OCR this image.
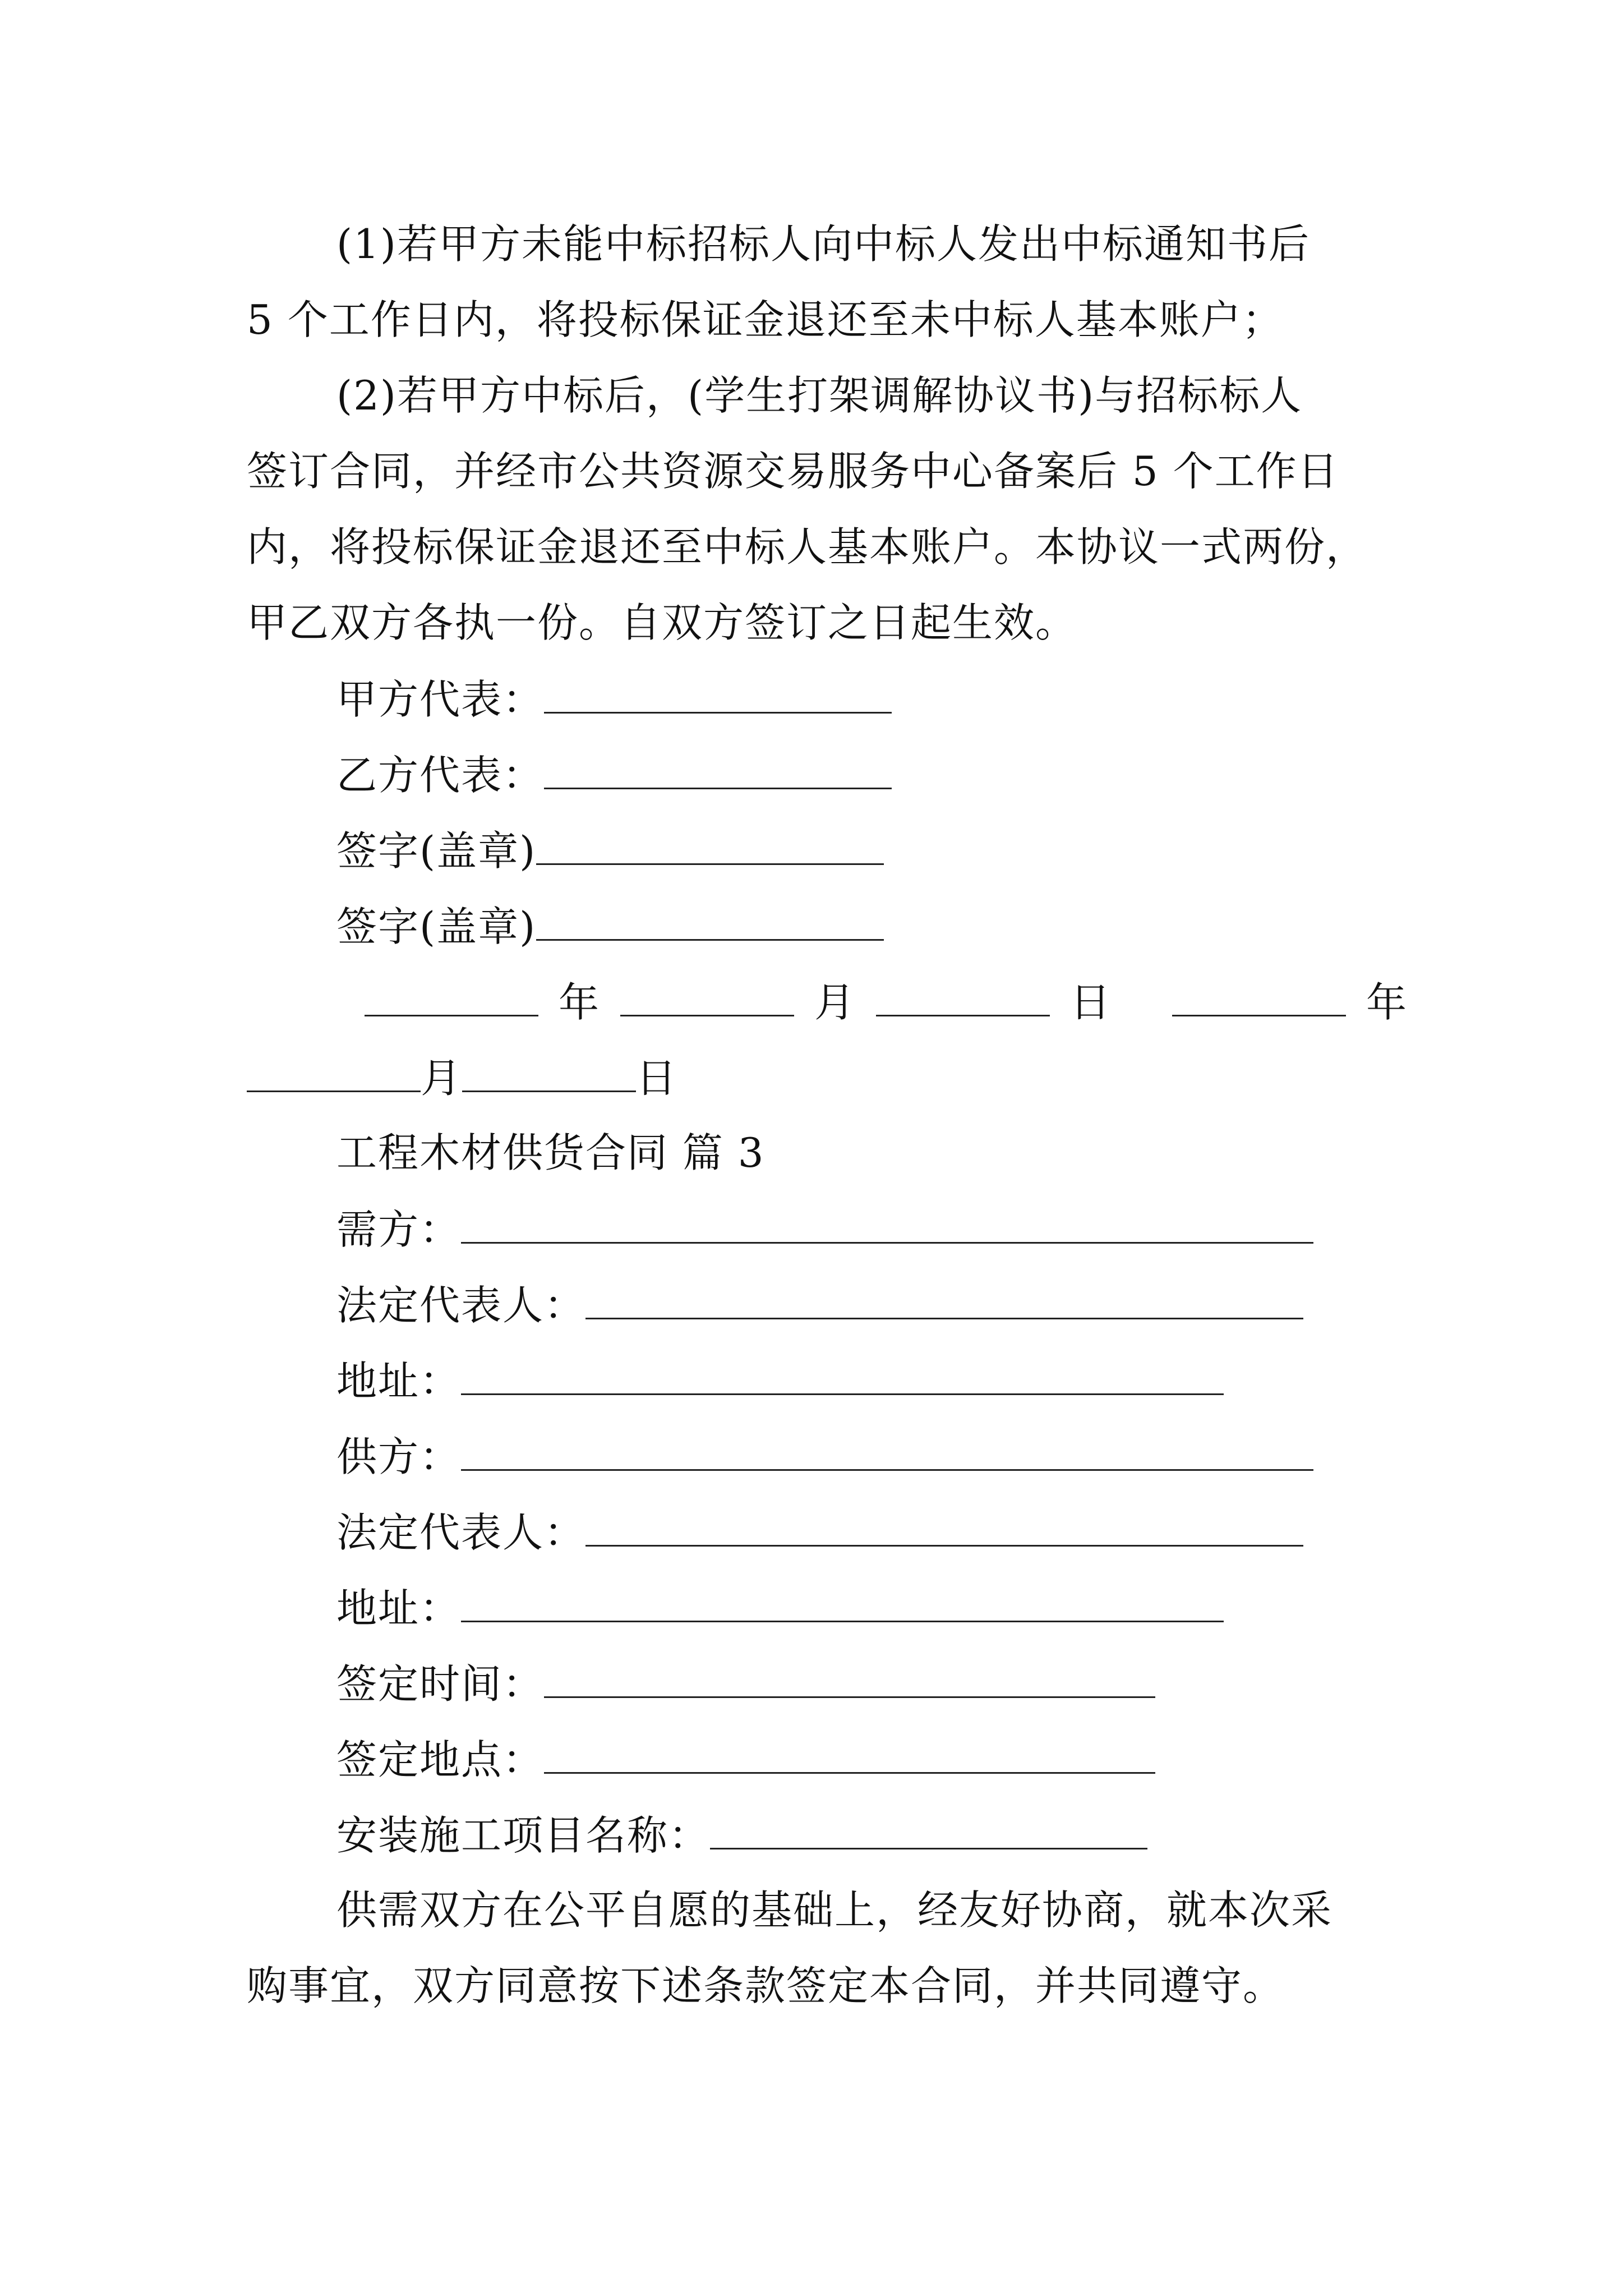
(1)若甲方未能中标招标人向中标人发出中标通知书后
5 个工作日内，将投标保证金退还至未中标人基本账户；
(2)若甲方中标后，(学生打架调解协议书)与招标标人
签订合同，并经市公共资源交易服务中心备案后 5 个工作日
内，将投标保证金退还至中标人基本账户。本协议一式两份，
甲乙双方各执一份。自双方签订之日起生效。
甲方代表：
乙方代表：
签字(盖章)
签字(盖章)
年	月	日	年
月	日
工程木材供货合同 篇 3
需方：
法定代表人：
地址：
供方：
法定代表人：
地址：
签定时间：
签定地点：
安装施工项目名称：
供需双方在公平自愿的基础上，经友好协商，就本次采
购事宜，双方同意按下述条款签定本合同，并共同遵守。
